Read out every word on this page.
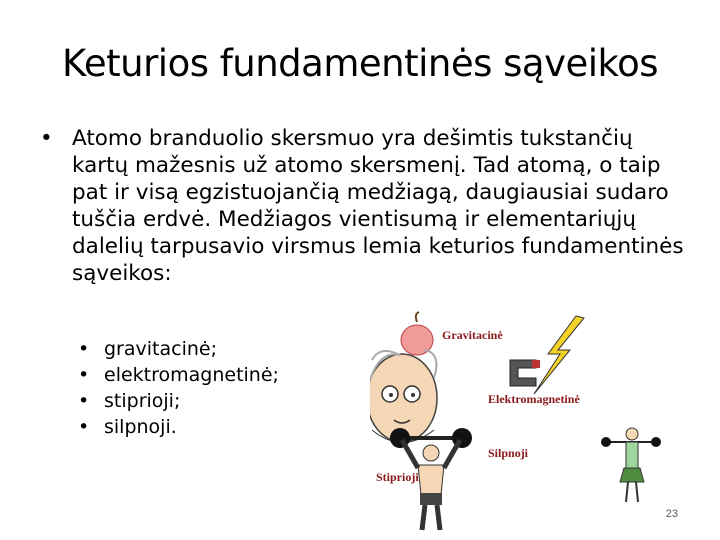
Keturios fundamentinės sąveikos
• Atomo branduolio skersmuo yra dešimtis tukstančių kartų mažesnis už atomo skersmenį. Tad atomą, o taip pat ir visą egzistuojančią medžiagą, daugiausiai sudaro tuščia erdvė. Medžiagos vientisumą ir elementariųjų dalelių tarpusavio virsmus lemia keturios fundamentinės sąveikos:
• gravitacinė;
• elektromagnetinė;
• stiprioji;
• silpnoji.
Gravitacinė
Elektromagnetinė
Silpnoji
Stiprioji
23
